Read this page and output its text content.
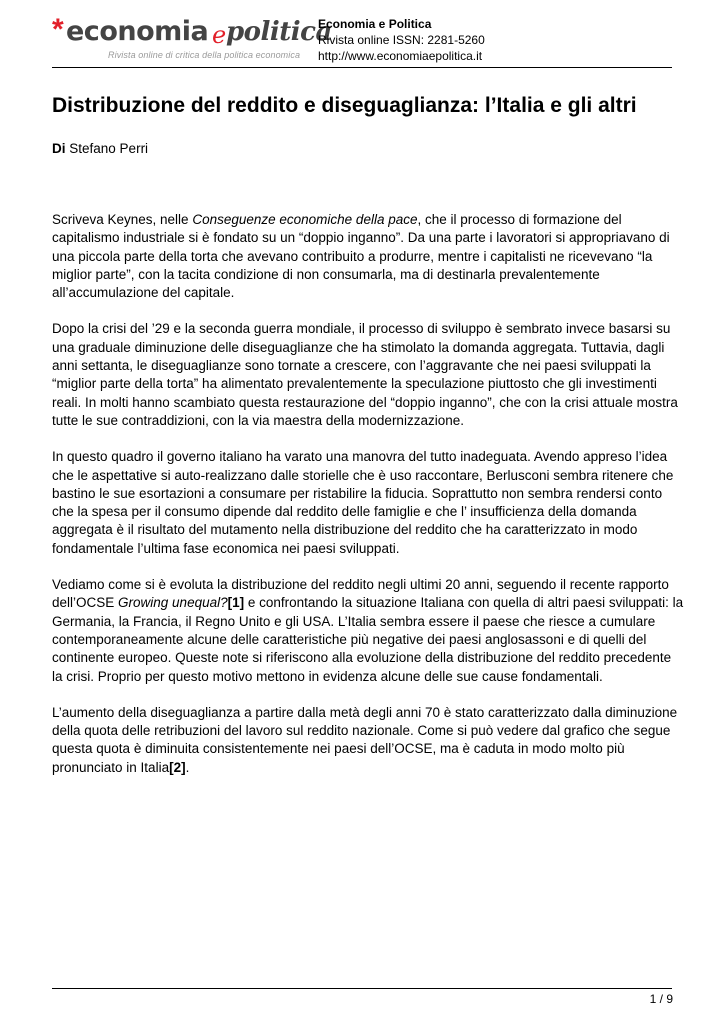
* economia e politica
Rivista online di critica della politica economica
Economia e Politica
Rivista online ISSN: 2281-5260
http://www.economiaepolitica.it
Distribuzione del reddito e diseguaglianza: l’Italia e gli altri
Di Stefano Perri

Scriveva Keynes, nelle Conseguenze economiche della pace, che il processo di formazione del capitalismo industriale si è fondato su un “doppio inganno”. Da una parte i lavoratori si appropriavano di una piccola parte della torta che avevano contribuito a produrre, mentre i capitalisti ne ricevevano “la miglior parte”, con la tacita condizione di non consumarla, ma di destinarla prevalentemente all’accumulazione del capitale.

Dopo la crisi del ’29 e la seconda guerra mondiale, il processo di sviluppo è sembrato invece basarsi su una graduale diminuzione delle diseguaglianze che ha stimolato la domanda aggregata. Tuttavia, dagli anni settanta, le diseguaglianze sono tornate a crescere, con l’aggravante che nei paesi sviluppati la “miglior parte della torta” ha alimentato prevalentemente la speculazione piuttosto che gli investimenti reali. In molti hanno scambiato questa restaurazione del “doppio inganno”, che con la crisi attuale mostra tutte le sue contraddizioni, con la via maestra della modernizzazione.

In questo quadro il governo italiano ha varato una manovra del tutto inadeguata. Avendo appreso l’idea che le aspettative si auto-realizzano dalle storielle che è uso raccontare, Berlusconi sembra ritenere che bastino le sue esortazioni a consumare per ristabilire la fiducia. Soprattutto non sembra rendersi conto che la spesa per il consumo dipende dal reddito delle famiglie e che l’ insufficienza della domanda aggregata è il risultato del mutamento nella distribuzione del reddito che ha caratterizzato in modo fondamentale l’ultima fase economica nei paesi sviluppati.

Vediamo come si è evoluta la distribuzione del reddito negli ultimi 20 anni, seguendo il recente rapporto dell’OCSE Growing unequal?[1] e confrontando la situazione Italiana con quella di altri paesi sviluppati: la Germania, la Francia, il Regno Unito e gli USA. L’Italia sembra essere il paese che riesce a cumulare contemporaneamente alcune delle caratteristiche più negative dei paesi anglosassoni e di quelli del continente europeo. Queste note si riferiscono alla evoluzione della distribuzione del reddito precedente la crisi. Proprio per questo motivo mettono in evidenza alcune delle sue cause fondamentali.

L’aumento della diseguaglianza a partire dalla metà degli anni 70 è stato caratterizzato dalla diminuzione della quota delle retribuzioni del lavoro sul reddito nazionale. Come si può vedere dal grafico che segue questa quota è diminuita consistentemente nei paesi dell’OCSE, ma è caduta in modo molto più pronunciato in Italia[2].

1 / 9
